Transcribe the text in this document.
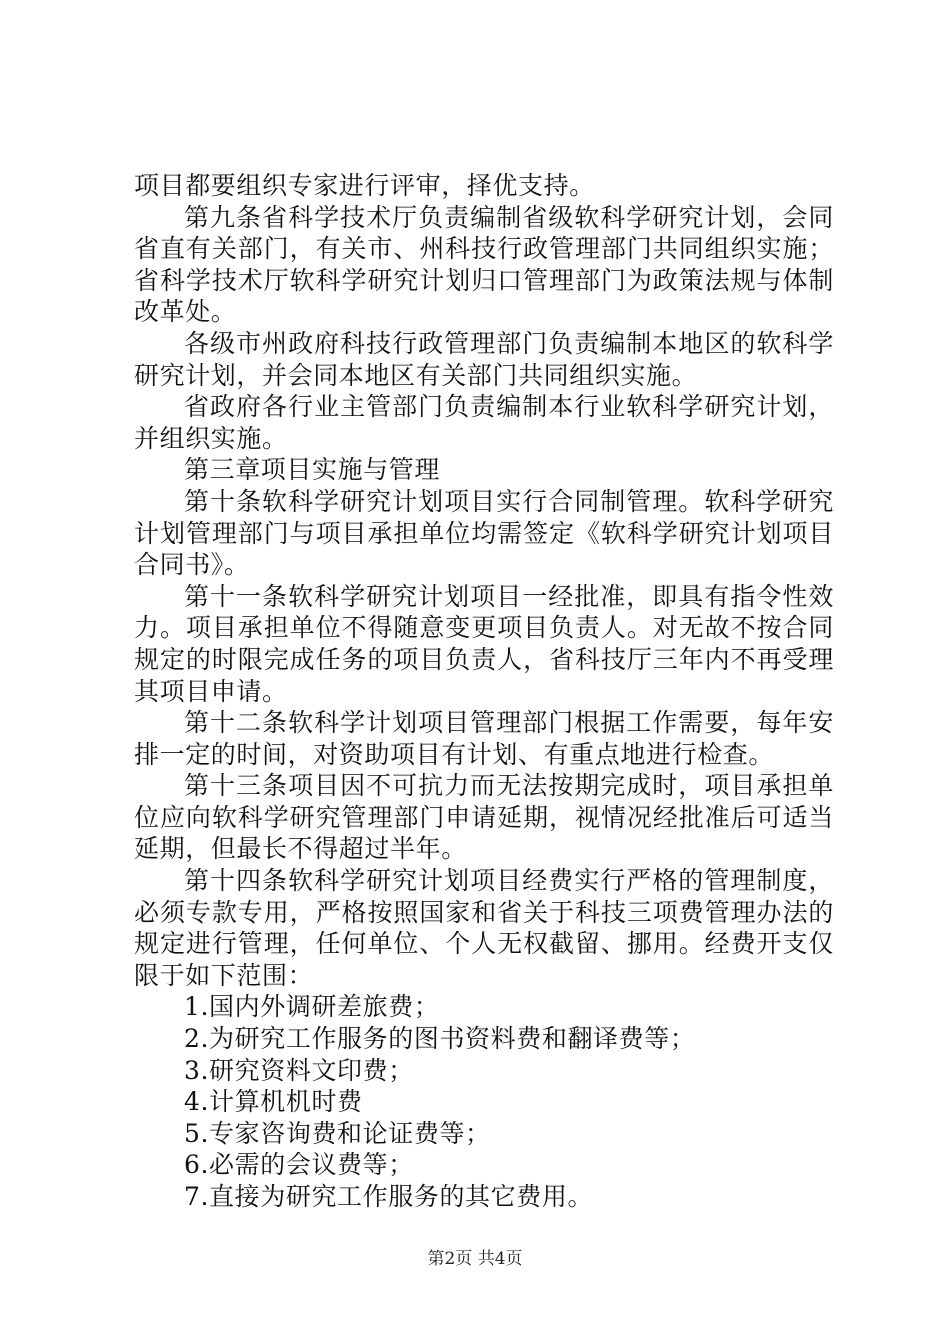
项目都要组织专家进行评审，择优支持。
第九条省科学技术厅负责编制省级软科学研究计划，会同
省直有关部门，有关市、州科技行政管理部门共同组织实施；
省科学技术厅软科学研究计划归口管理部门为政策法规与体制
改革处。
各级市州政府科技行政管理部门负责编制本地区的软科学
研究计划，并会同本地区有关部门共同组织实施。
省政府各行业主管部门负责编制本行业软科学研究计划，
并组织实施。
第三章项目实施与管理
第十条软科学研究计划项目实行合同制管理。软科学研究
计划管理部门与项目承担单位均需签定《软科学研究计划项目
合同书》。
第十一条软科学研究计划项目一经批准，即具有指令性效
力。项目承担单位不得随意变更项目负责人。对无故不按合同
规定的时限完成任务的项目负责人，省科技厅三年内不再受理
其项目申请。
第十二条软科学计划项目管理部门根据工作需要，每年安
排一定的时间，对资助项目有计划、有重点地进行检查。
第十三条项目因不可抗力而无法按期完成时，项目承担单
位应向软科学研究管理部门申请延期，视情况经批准后可适当
延期，但最长不得超过半年。
第十四条软科学研究计划项目经费实行严格的管理制度，
必须专款专用，严格按照国家和省关于科技三项费管理办法的
规定进行管理，任何单位、个人无权截留、挪用。经费开支仅
限于如下范围：
1.国内外调研差旅费；
2.为研究工作服务的图书资料费和翻译费等；
3.研究资料文印费；
4.计算机机时费
5.专家咨询费和论证费等；
6.必需的会议费等；
7.直接为研究工作服务的其它费用。
第2页 共4页
